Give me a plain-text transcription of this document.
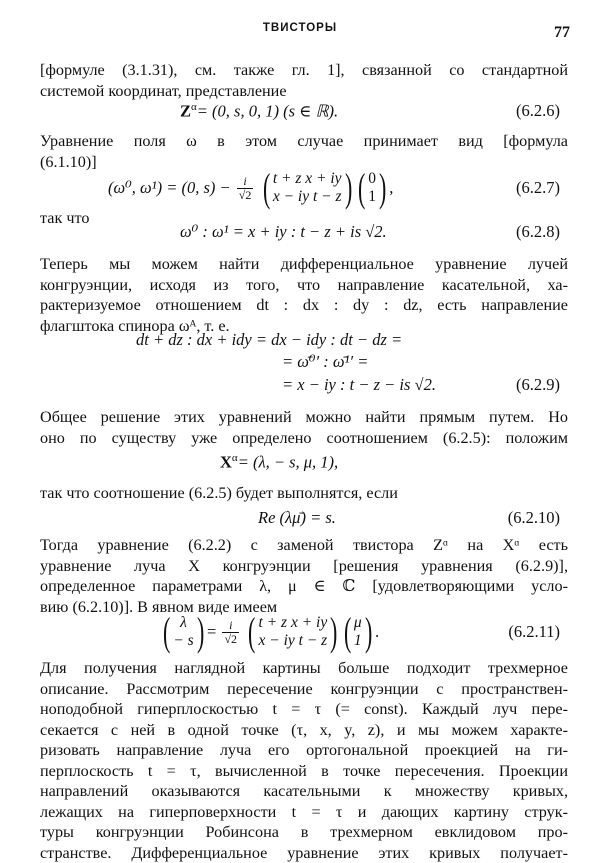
ТВИСТОРЫ	77
[формуле (3.1.31), см. также гл. 1], связанной со стандартной
системой координат, представление
$Z^\alpha= (0$, s, 0, 1) (s ∈ ℝ).	(6.2.6)
Уравнение поля ω в этом случае принимает вид [формула
(6.1.10)]
(ω⁰, ω¹) = (0, $s) - \frac{i}{√2}$ ( t + z x + iy
x − iy t − z ) ( 0
1 ) ,	(6.2.7)
так что
ω⁰ : ω¹ = x + iy : t − z + is √2.	(6.2.8)
Теперь мы можем найти дифференциальное уравнение лучей
конгруэнции, исходя из того, что направление касательной, ха-
рактеризуемое отношением dt : dx : dy : dz, есть направление
флагштока спинора ωᴬ, т. е.
dt + dz : dx + idy = dx − idy : dt − dz =
= ω̄⁰′ : ω̄¹′ =
= x − iy : t − z − is √2.	(6.2.9)
Общее решение этих уравнений можно найти прямым путем. Но
оно по существу уже определено соотношением (6.2.5): положим
$X^\alpha= (\lambda$, − s, μ, 1),
так что соотношение (6.2.5) будет выполнятся, если
Re (λμ̄) = s.	(6.2.10)
Тогда уравнение (6.2.2) с заменой твистора Zᵅ на Xᵅ есть
уравнение луча X конгруэнции [решения уравнения (6.2.9)],
определенное параметрами λ, μ ∈ ℂ [удовлетворяющими усло-
вию (6.2.10)]. В явном виде имеем
( λ
− s ) = $\frac{i}{√2}$ ( t + z x + iy
x − iy t − z ) ( μ
1 ) .	(6.2.11)
Для получения наглядной картины больше подходит трехмерное
описание. Рассмотрим пересечение конгруэнции с пространствен-
ноподобной гиперплоскостью t = τ (= const). Каждый луч пере-
секается с ней в одной точке (τ, x, y, z), и мы можем характе-
ризовать направление луча его ортогональной проекцией на ги-
перплоскость t = τ, вычисленной в точке пересечения. Проекции
направлений оказываются касательными к множеству кривых,
лежащих на гиперповерхности t = τ и дающих картину струк-
туры конгруэнции Робинсона в трехмерном евклидовом про-
странстве. Дифференциальное уравнение этих кривых получает-
